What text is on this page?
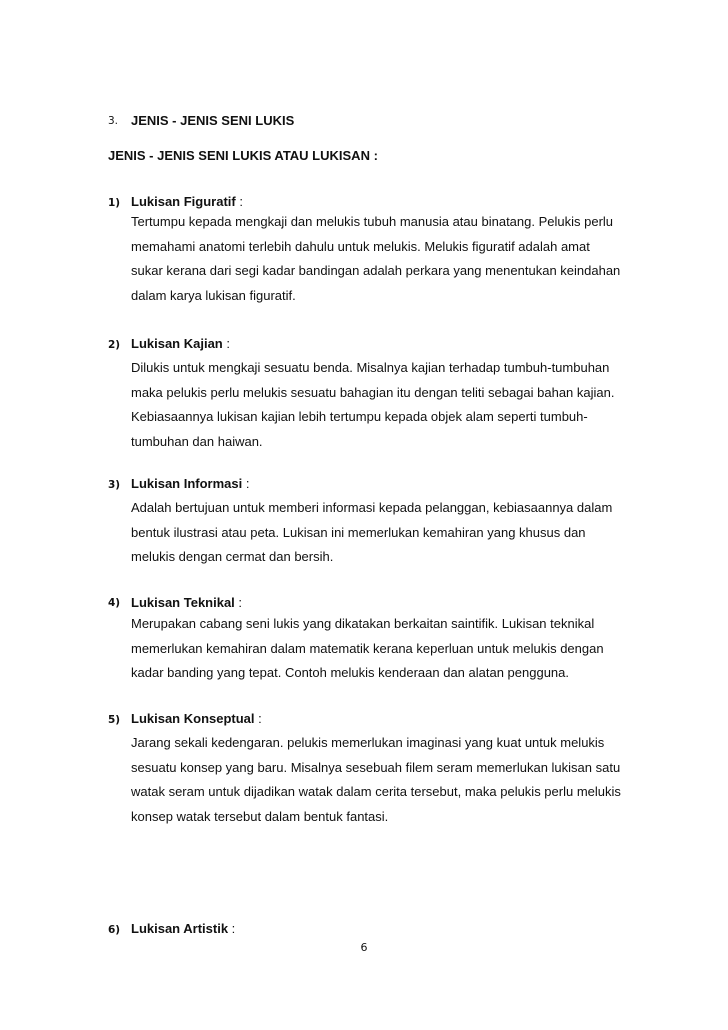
3. JENIS - JENIS SENI LUKIS
JENIS - JENIS SENI LUKIS ATAU LUKISAN :
1) Lukisan Figuratif :
Tertumpu kepada mengkaji dan melukis tubuh manusia atau binatang. Pelukis perlu
memahami anatomi terlebih dahulu untuk melukis. Melukis figuratif adalah amat
sukar kerana dari segi kadar bandingan adalah perkara yang menentukan keindahan
dalam karya lukisan figuratif.
2) Lukisan Kajian :
Dilukis untuk mengkaji sesuatu benda. Misalnya kajian terhadap tumbuh-tumbuhan
maka pelukis perlu melukis sesuatu bahagian itu dengan teliti sebagai bahan kajian.
Kebiasaannya lukisan kajian lebih tertumpu kepada objek alam seperti tumbuh-
tumbuhan dan haiwan.
3) Lukisan Informasi :
Adalah bertujuan untuk memberi informasi kepada pelanggan, kebiasaannya dalam
bentuk ilustrasi atau peta. Lukisan ini memerlukan kemahiran yang khusus dan
melukis dengan cermat dan bersih.
4) Lukisan Teknikal :
Merupakan cabang seni lukis yang dikatakan berkaitan saintifik. Lukisan teknikal
memerlukan kemahiran dalam matematik kerana keperluan untuk melukis dengan
kadar banding yang tepat. Contoh melukis kenderaan dan alatan pengguna.
5) Lukisan Konseptual :
Jarang sekali kedengaran. pelukis memerlukan imaginasi yang kuat untuk melukis
sesuatu konsep yang baru. Misalnya sesebuah filem seram memerlukan lukisan satu
watak seram untuk dijadikan watak dalam cerita tersebut, maka pelukis perlu melukis
konsep watak tersebut dalam bentuk fantasi.
6) Lukisan Artistik :
6
